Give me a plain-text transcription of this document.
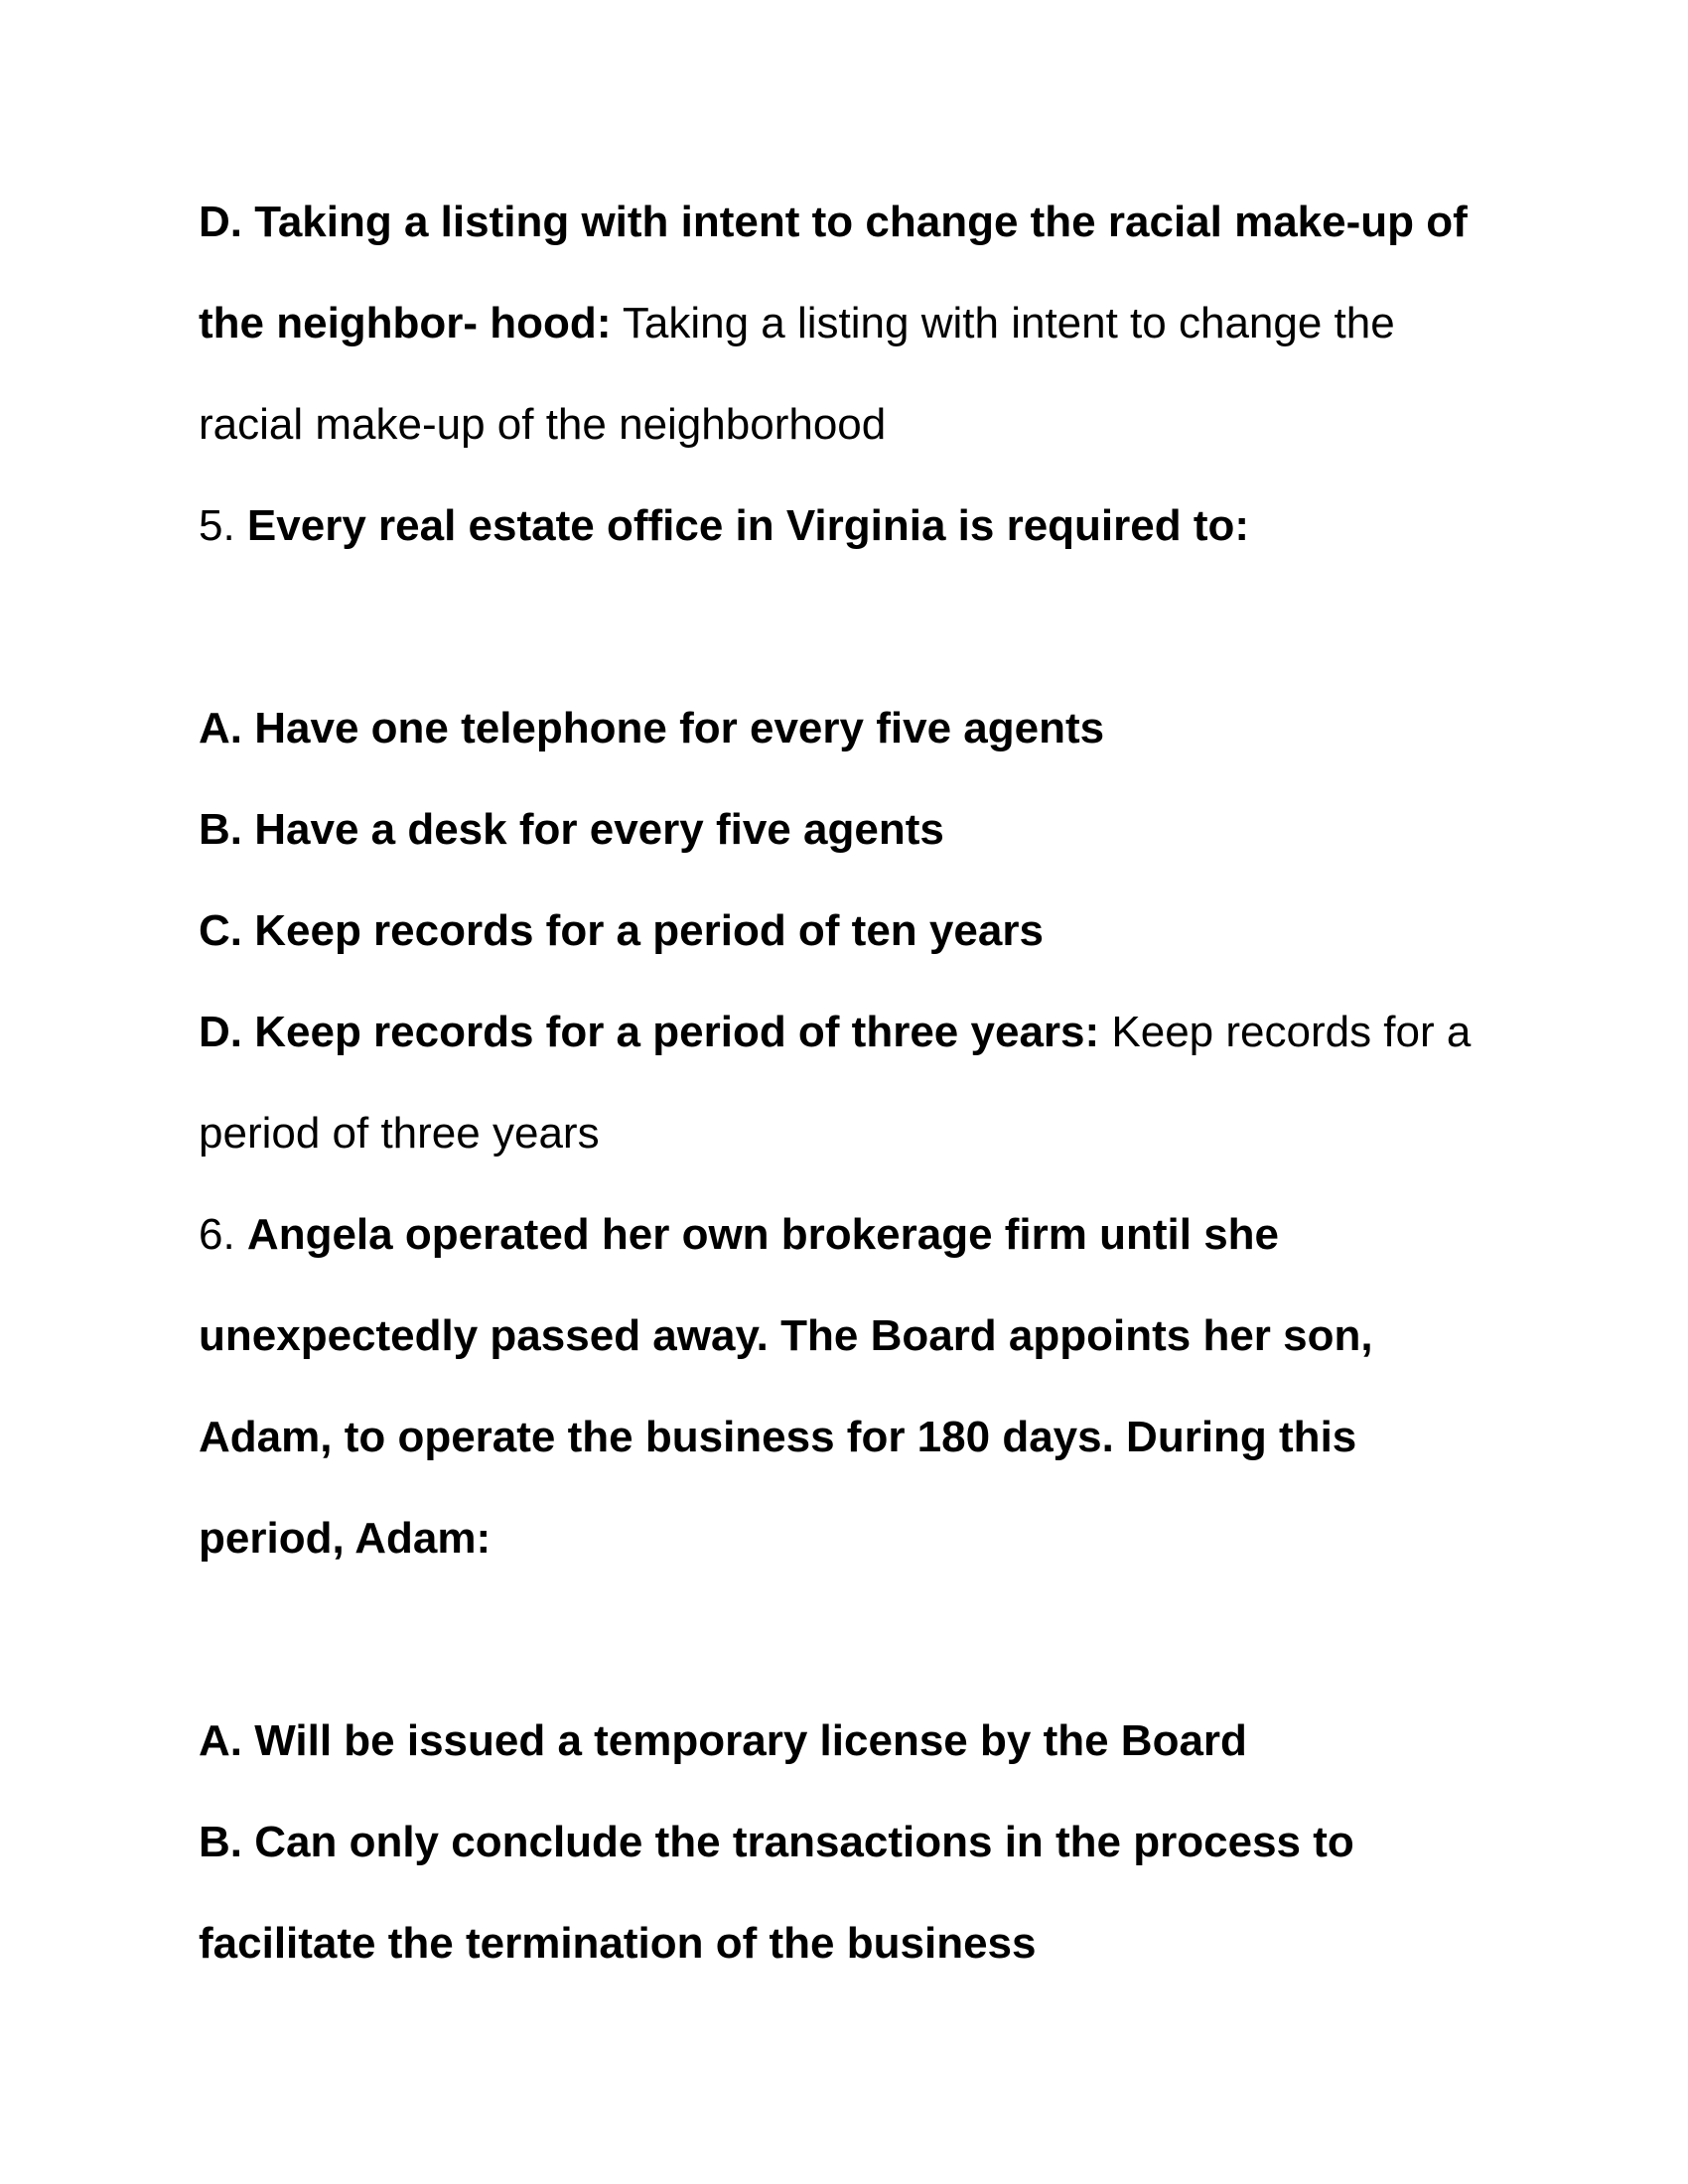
D. Taking a listing with intent to change the racial make-up of
the neighbor- hood: Taking a listing with intent to change the
racial make-up of the neighborhood
5. Every real estate office in Virginia is required to:
A. Have one telephone for every five agents
B. Have a desk for every five agents
C. Keep records for a period of ten years
D. Keep records for a period of three years: Keep records for a
period of three years
6. Angela operated her own brokerage firm until she
unexpectedly passed away. The Board appoints her son,
Adam, to operate the business for 180 days. During this
period, Adam:
A. Will be issued a temporary license by the Board
B. Can only conclude the transactions in the process to
facilitate the termination of the business
